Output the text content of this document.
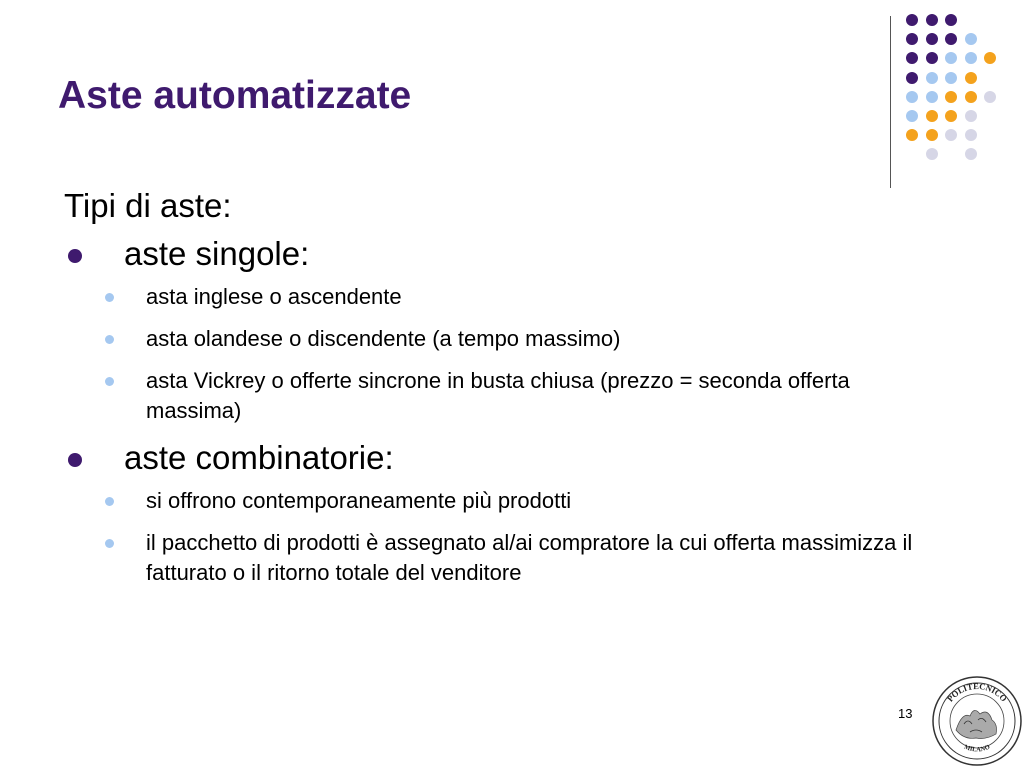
Aste automatizzate
Tipi di aste:
aste singole:
asta inglese o ascendente
asta olandese o discendente (a tempo massimo)
asta Vickrey o offerte sincrone in busta chiusa (prezzo = seconda offerta massima)
aste combinatorie:
si offrono contemporaneamente più prodotti
il pacchetto di prodotti è assegnato al/ai compratore la cui offerta massimizza il fatturato o il ritorno totale del venditore
13
POLITECNICO
MILANO
